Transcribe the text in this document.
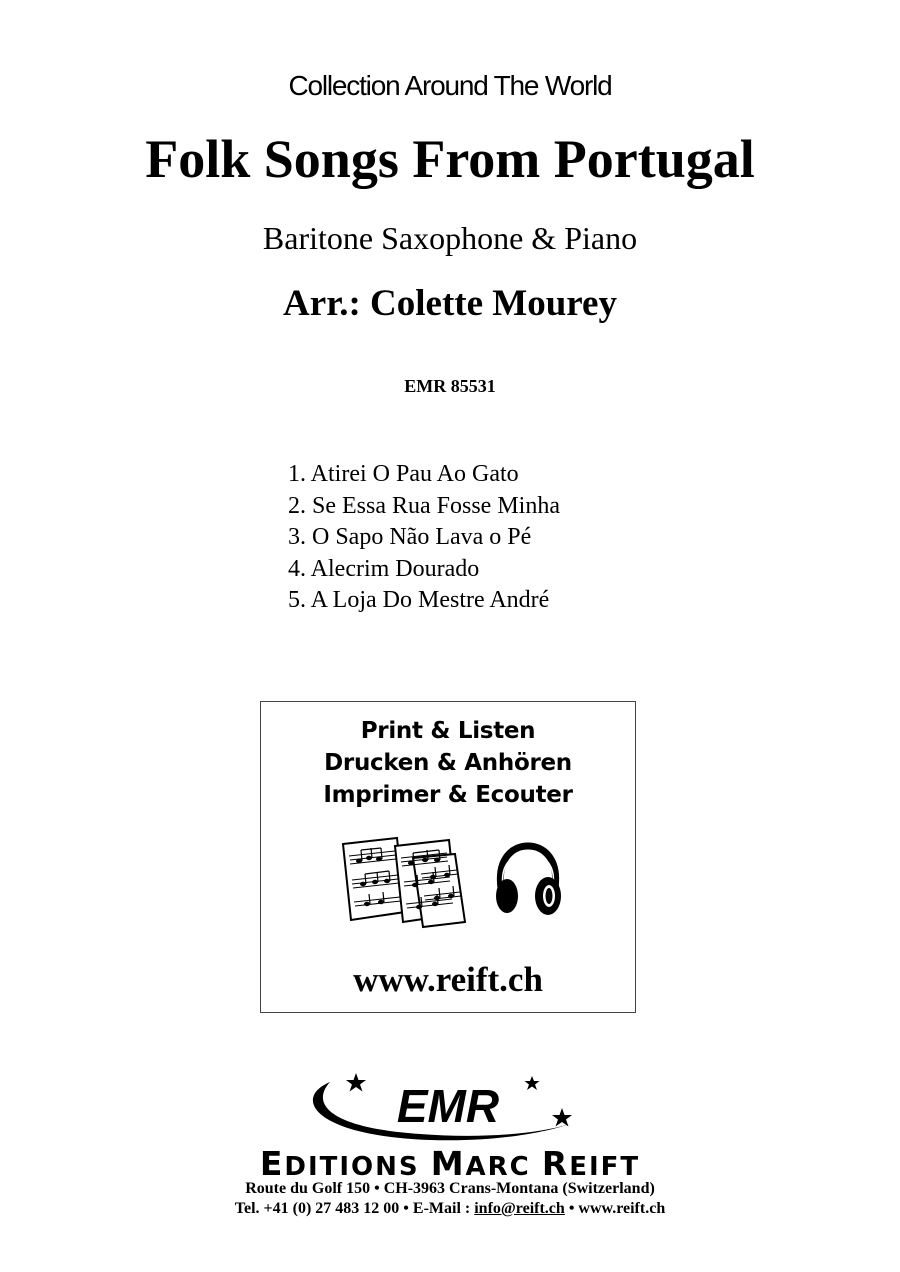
Collection Around The World
Folk Songs From Portugal
Baritone Saxophone & Piano
Arr.: Colette Mourey
EMR 85531
1. Atirei O Pau Ao Gato
2. Se Essa Rua Fosse Minha
3. O Sapo Não Lava o Pé
4. Alecrim Dourado
5. A Loja Do Mestre André
Print & Listen
Drucken & Anhören
Imprimer & Ecouter
www.reift.ch
EMR
EDITIONS MARC REIFT
Route du Golf 150 • CH-3963 Crans-Montana (Switzerland)
Tel. +41 (0) 27 483 12 00 • E-Mail : info@reift.ch • www.reift.ch
